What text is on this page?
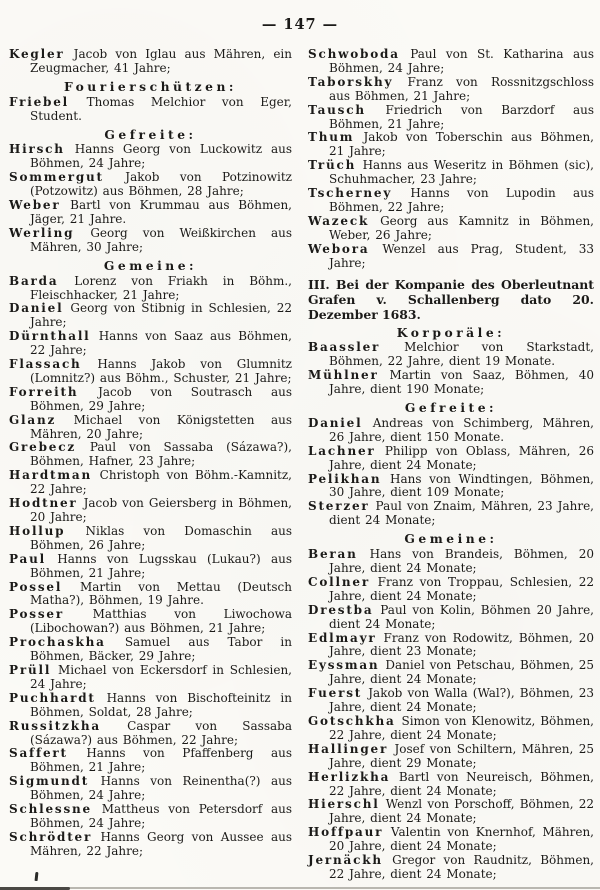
— 147 —

Kegler Jacob von Iglau aus Mähren, ein Zeugmacher, 41 Jahre;

Fourierschützen:

Friebel Thomas Melchior von Eger, Student.

Gefreite:

Hirsch Hanns Georg von Luckowitz aus Böhmen, 24 Jahre;

Sommergut Jakob von Potzinowitz (Potzowitz) aus Böhmen, 28 Jahre;

Weber Bartl von Krummau aus Böhmen, Jäger, 21 Jahre.

Werling Georg von Weißkirchen aus Mähren, 30 Jahre;

Gemeine:

Barda Lorenz von Friakh in Böhm., Fleischhacker, 21 Jahre;

Daniel Georg von Stibnig in Schlesien, 22 Jahre;

Dürnthall Hanns von Saaz aus Böhmen, 22 Jahre;

Flassach Hanns Jakob von Glumnitz (Lomnitz?) aus Böhm., Schuster, 21 Jahre;

Forreith Jacob von Soutrasch aus Böhmen, 29 Jahre;

Glanz Michael von Königstetten aus Mähren, 20 Jahre;

Grebecz Paul von Sassaba (Sázawa?), Böhmen, Hafner, 23 Jahre;

Hardtman Christoph von Böhm.-Kamnitz, 22 Jahre;

Hodtner Jacob von Geiersberg in Böhmen, 20 Jahre;

Hollup Niklas von Domaschin aus Böhmen, 26 Jahre;

Paul Hanns von Lugsskau (Lukau?) aus Böhmen, 21 Jahre;

Possel Martin von Mettau (Deutsch Matha?), Böhmen, 19 Jahre.

Posser Matthias von Liwochowa (Libochowan?) aus Böhmen, 21 Jahre;

Prochaskha Samuel aus Tabor in Böhmen, Bäcker, 29 Jahre;

Prüll Michael von Eckersdorf in Schlesien, 24 Jahre;

Puchhardt Hanns von Bischofteinitz in Böhmen, Soldat, 28 Jahre;

Russitzkha Caspar von Sassaba (Sázawa?) aus Böhmen, 22 Jahre;

Saffert Hanns von Pfaffenberg aus Böhmen, 21 Jahre;

Sigmundt Hanns von Reinentha(?) aus Böhmen, 24 Jahre;

Schlessne Mattheus von Petersdorf aus Böhmen, 24 Jahre;

Schrödter Hanns Georg von Aussee aus Mähren, 22 Jahre;

Schwoboda Paul von St. Katharina aus Böhmen, 24 Jahre;

Taborskhy Franz von Rossnitzgschloss aus Böhmen, 21 Jahre;

Tausch Friedrich von Barzdorf aus Böhmen, 21 Jahre;

Thum Jakob von Toberschin aus Böhmen, 21 Jahre;

Trüch Hanns aus Weseritz in Böhmen (sic), Schuhmacher, 23 Jahre;

Tscherney Hanns von Lupodin aus Böhmen, 22 Jahre;

Wazeck Georg aus Kamnitz in Böhmen, Weber, 26 Jahre;

Webora Wenzel aus Prag, Student, 33 Jahre;

III. Bei der Kompanie des Oberleutnant Grafen v. Schallenberg dato 20. Dezember 1683.

Korporäle:

Baassler Melchior von Starkstadt, Böhmen, 22 Jahre, dient 19 Monate.

Mühlner Martin von Saaz, Böhmen, 40 Jahre, dient 190 Monate;

Gefreite:

Daniel Andreas von Schimberg, Mähren, 26 Jahre, dient 150 Monate.

Lachner Philipp von Oblass, Mähren, 26 Jahre, dient 24 Monate;

Pelikhan Hans von Windtingen, Böhmen, 30 Jahre, dient 109 Monate;

Sterzer Paul von Znaim, Mähren, 23 Jahre, dient 24 Monate;

Gemeine:

Beran Hans von Brandeis, Böhmen, 20 Jahre, dient 24 Monate;

Collner Franz von Troppau, Schlesien, 22 Jahre, dient 24 Monate;

Drestba Paul von Kolin, Böhmen 20 Jahre, dient 24 Monate;

Edlmayr Franz von Rodowitz, Böhmen, 20 Jahre, dient 23 Monate;

Eyssman Daniel von Petschau, Böhmen, 25 Jahre, dient 24 Monate;

Fuerst Jakob von Walla (Wal?), Böhmen, 23 Jahre, dient 24 Monate;

Gotschkha Simon von Klenowitz, Böhmen, 22 Jahre, dient 24 Monate;

Hallinger Josef von Schiltern, Mähren, 25 Jahre, dient 29 Monate;

Herlizkha Bartl von Neureisch, Böhmen, 22 Jahre, dient 24 Monate;

Hierschl Wenzl von Porschoff, Böhmen, 22 Jahre, dient 24 Monate;

Hoffpaur Valentin von Knernhof, Mähren, 20 Jahre, dient 24 Monate;

Jernäckh Gregor von Raudnitz, Böhmen, 22 Jahre, dient 24 Monate;
